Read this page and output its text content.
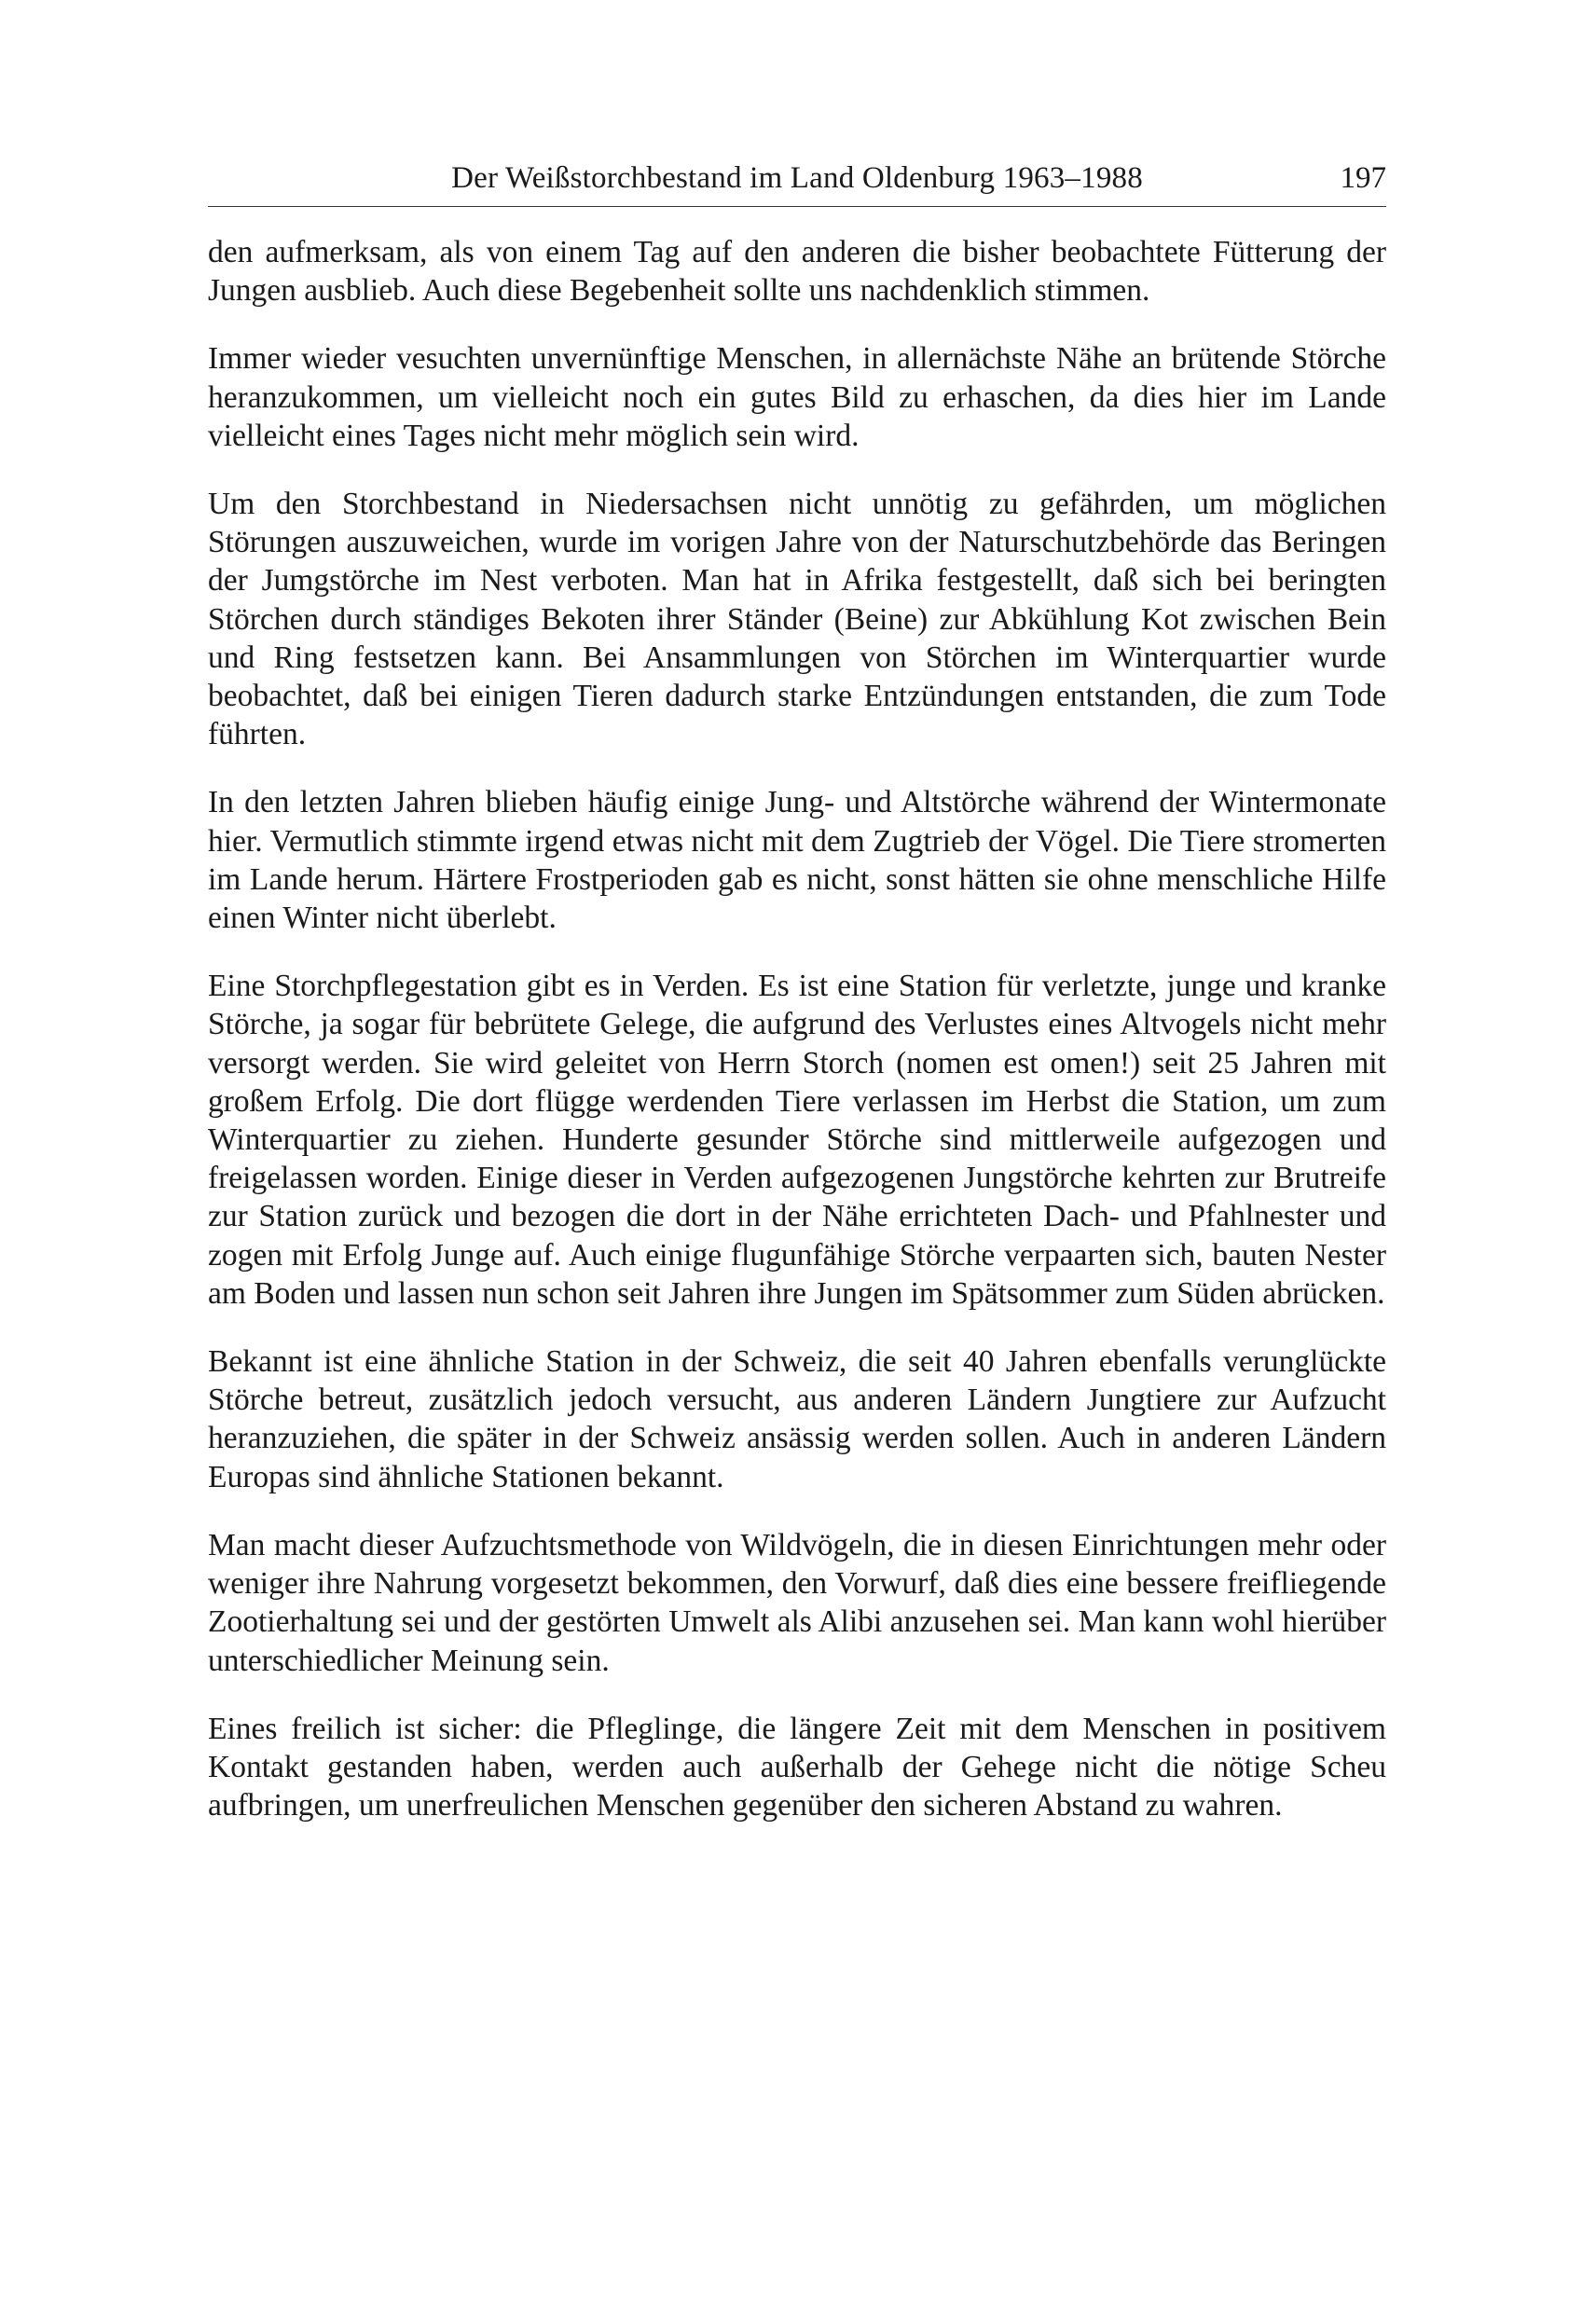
Der Weißstorchbestand im Land Oldenburg 1963–1988	197

den aufmerksam, als von einem Tag auf den anderen die bisher beobachtete Fütterung der Jungen ausblieb. Auch diese Begebenheit sollte uns nachdenklich stimmen.

Immer wieder vesuchten unvernünftige Menschen, in allernächste Nähe an brütende Störche heranzukommen, um vielleicht noch ein gutes Bild zu erhaschen, da dies hier im Lande vielleicht eines Tages nicht mehr möglich sein wird.

Um den Storchbestand in Niedersachsen nicht unnötig zu gefährden, um möglichen Störungen auszuweichen, wurde im vorigen Jahre von der Naturschutzbehörde das Beringen der Jumgstörche im Nest verboten. Man hat in Afrika festgestellt, daß sich bei beringten Störchen durch ständiges Bekoten ihrer Ständer (Beine) zur Abkühlung Kot zwischen Bein und Ring festsetzen kann. Bei Ansammlungen von Störchen im Winterquartier wurde beobachtet, daß bei einigen Tieren dadurch starke Entzündungen entstanden, die zum Tode führten.

In den letzten Jahren blieben häufig einige Jung- und Altstörche während der Wintermonate hier. Vermutlich stimmte irgend etwas nicht mit dem Zugtrieb der Vögel. Die Tiere stromerten im Lande herum. Härtere Frostperioden gab es nicht, sonst hätten sie ohne menschliche Hilfe einen Winter nicht überlebt.

Eine Storchpflegestation gibt es in Verden. Es ist eine Station für verletzte, junge und kranke Störche, ja sogar für bebrütete Gelege, die aufgrund des Verlustes eines Altvogels nicht mehr versorgt werden. Sie wird geleitet von Herrn Storch (nomen est omen!) seit 25 Jahren mit großem Erfolg. Die dort flügge werdenden Tiere verlassen im Herbst die Station, um zum Winterquartier zu ziehen. Hunderte gesunder Störche sind mittlerweile aufgezogen und freigelassen worden. Einige dieser in Verden aufgezogenen Jungstörche kehrten zur Brutreife zur Station zurück und bezogen die dort in der Nähe errichteten Dach- und Pfahlnester und zogen mit Erfolg Junge auf. Auch einige flugunfähige Störche verpaarten sich, bauten Nester am Boden und lassen nun schon seit Jahren ihre Jungen im Spätsommer zum Süden abrücken.

Bekannt ist eine ähnliche Station in der Schweiz, die seit 40 Jahren ebenfalls verunglückte Störche betreut, zusätzlich jedoch versucht, aus anderen Ländern Jungtiere zur Aufzucht heranzuziehen, die später in der Schweiz ansässig werden sollen. Auch in anderen Ländern Europas sind ähnliche Stationen bekannt.

Man macht dieser Aufzuchtsmethode von Wildvögeln, die in diesen Einrichtungen mehr oder weniger ihre Nahrung vorgesetzt bekommen, den Vorwurf, daß dies eine bessere freifliegende Zootierhaltung sei und der gestörten Umwelt als Alibi anzusehen sei. Man kann wohl hierüber unterschiedlicher Meinung sein.

Eines freilich ist sicher: die Pfleglinge, die längere Zeit mit dem Menschen in positivem Kontakt gestanden haben, werden auch außerhalb der Gehege nicht die nötige Scheu aufbringen, um unerfreulichen Menschen gegenüber den sicheren Abstand zu wahren.
